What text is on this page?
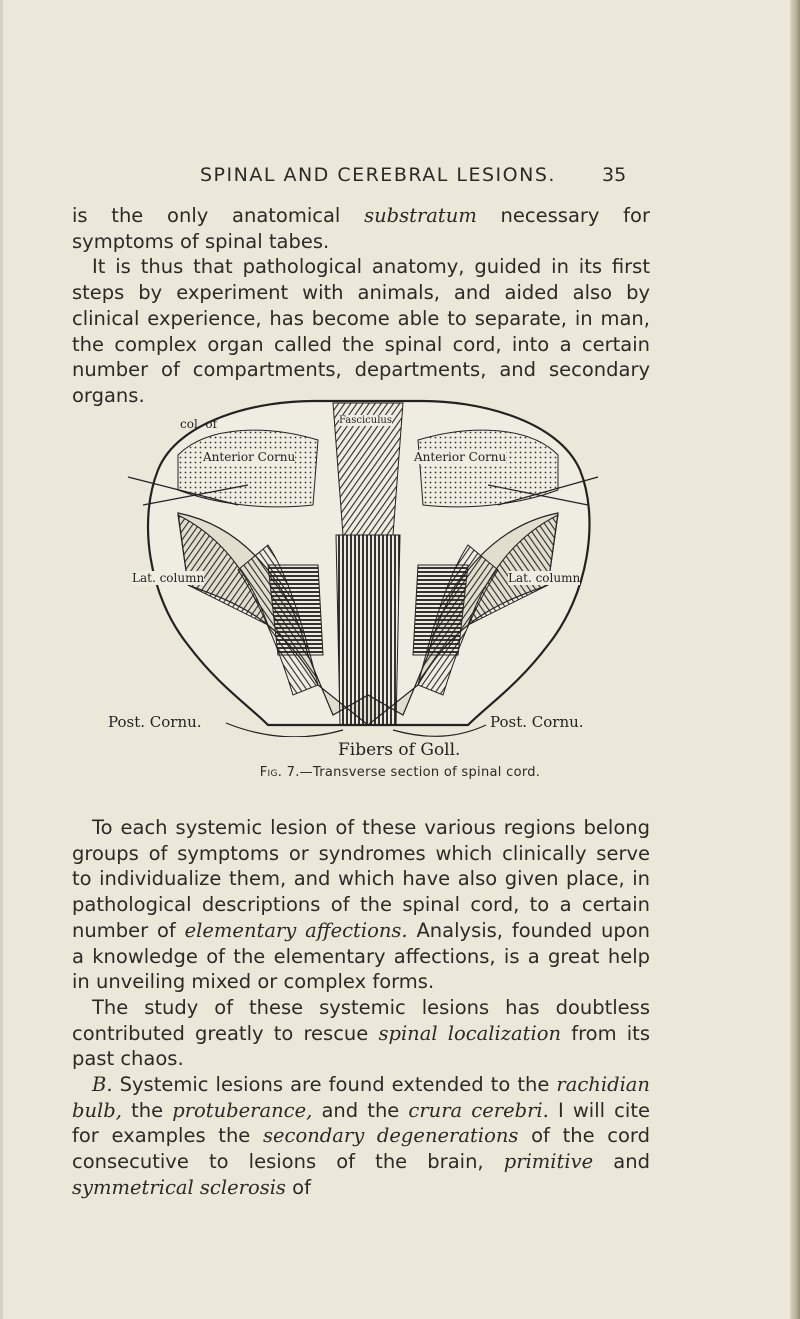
SPINAL AND CEREBRAL LESIONS. 35

is the only anatomical substratum necessary for symptoms of spinal tabes.

It is thus that pathological anatomy, guided in its first steps by experiment with animals, and aided also by clinical experience, has become able to separate, in man, the complex organ called the spinal cord, into a certain number of compartments, departments, and secondary organs.

col. of
Anterior Cornu
Fasciculus
Anterior Cornu
Lat. column	Lat. column
Post. Cornu.	Post. Cornu.
Fibers of Goll.
Fig. 7.—Transverse section of spinal cord.

To each systemic lesion of these various regions belong groups of symptoms or syndromes which clinically serve to individualize them, and which have also given place, in pathological descriptions of the spinal cord, to a certain number of elementary affections. Analysis, founded upon a knowledge of the elementary affections, is a great help in unveiling mixed or complex forms.

The study of these systemic lesions has doubtless contributed greatly to rescue spinal localization from its past chaos.

B. Systemic lesions are found extended to the rachidian bulb, the protuberance, and the crura cerebri. I will cite for examples the secondary degenerations of the cord consecutive to lesions of the brain, primitive and symmetrical sclerosis of
